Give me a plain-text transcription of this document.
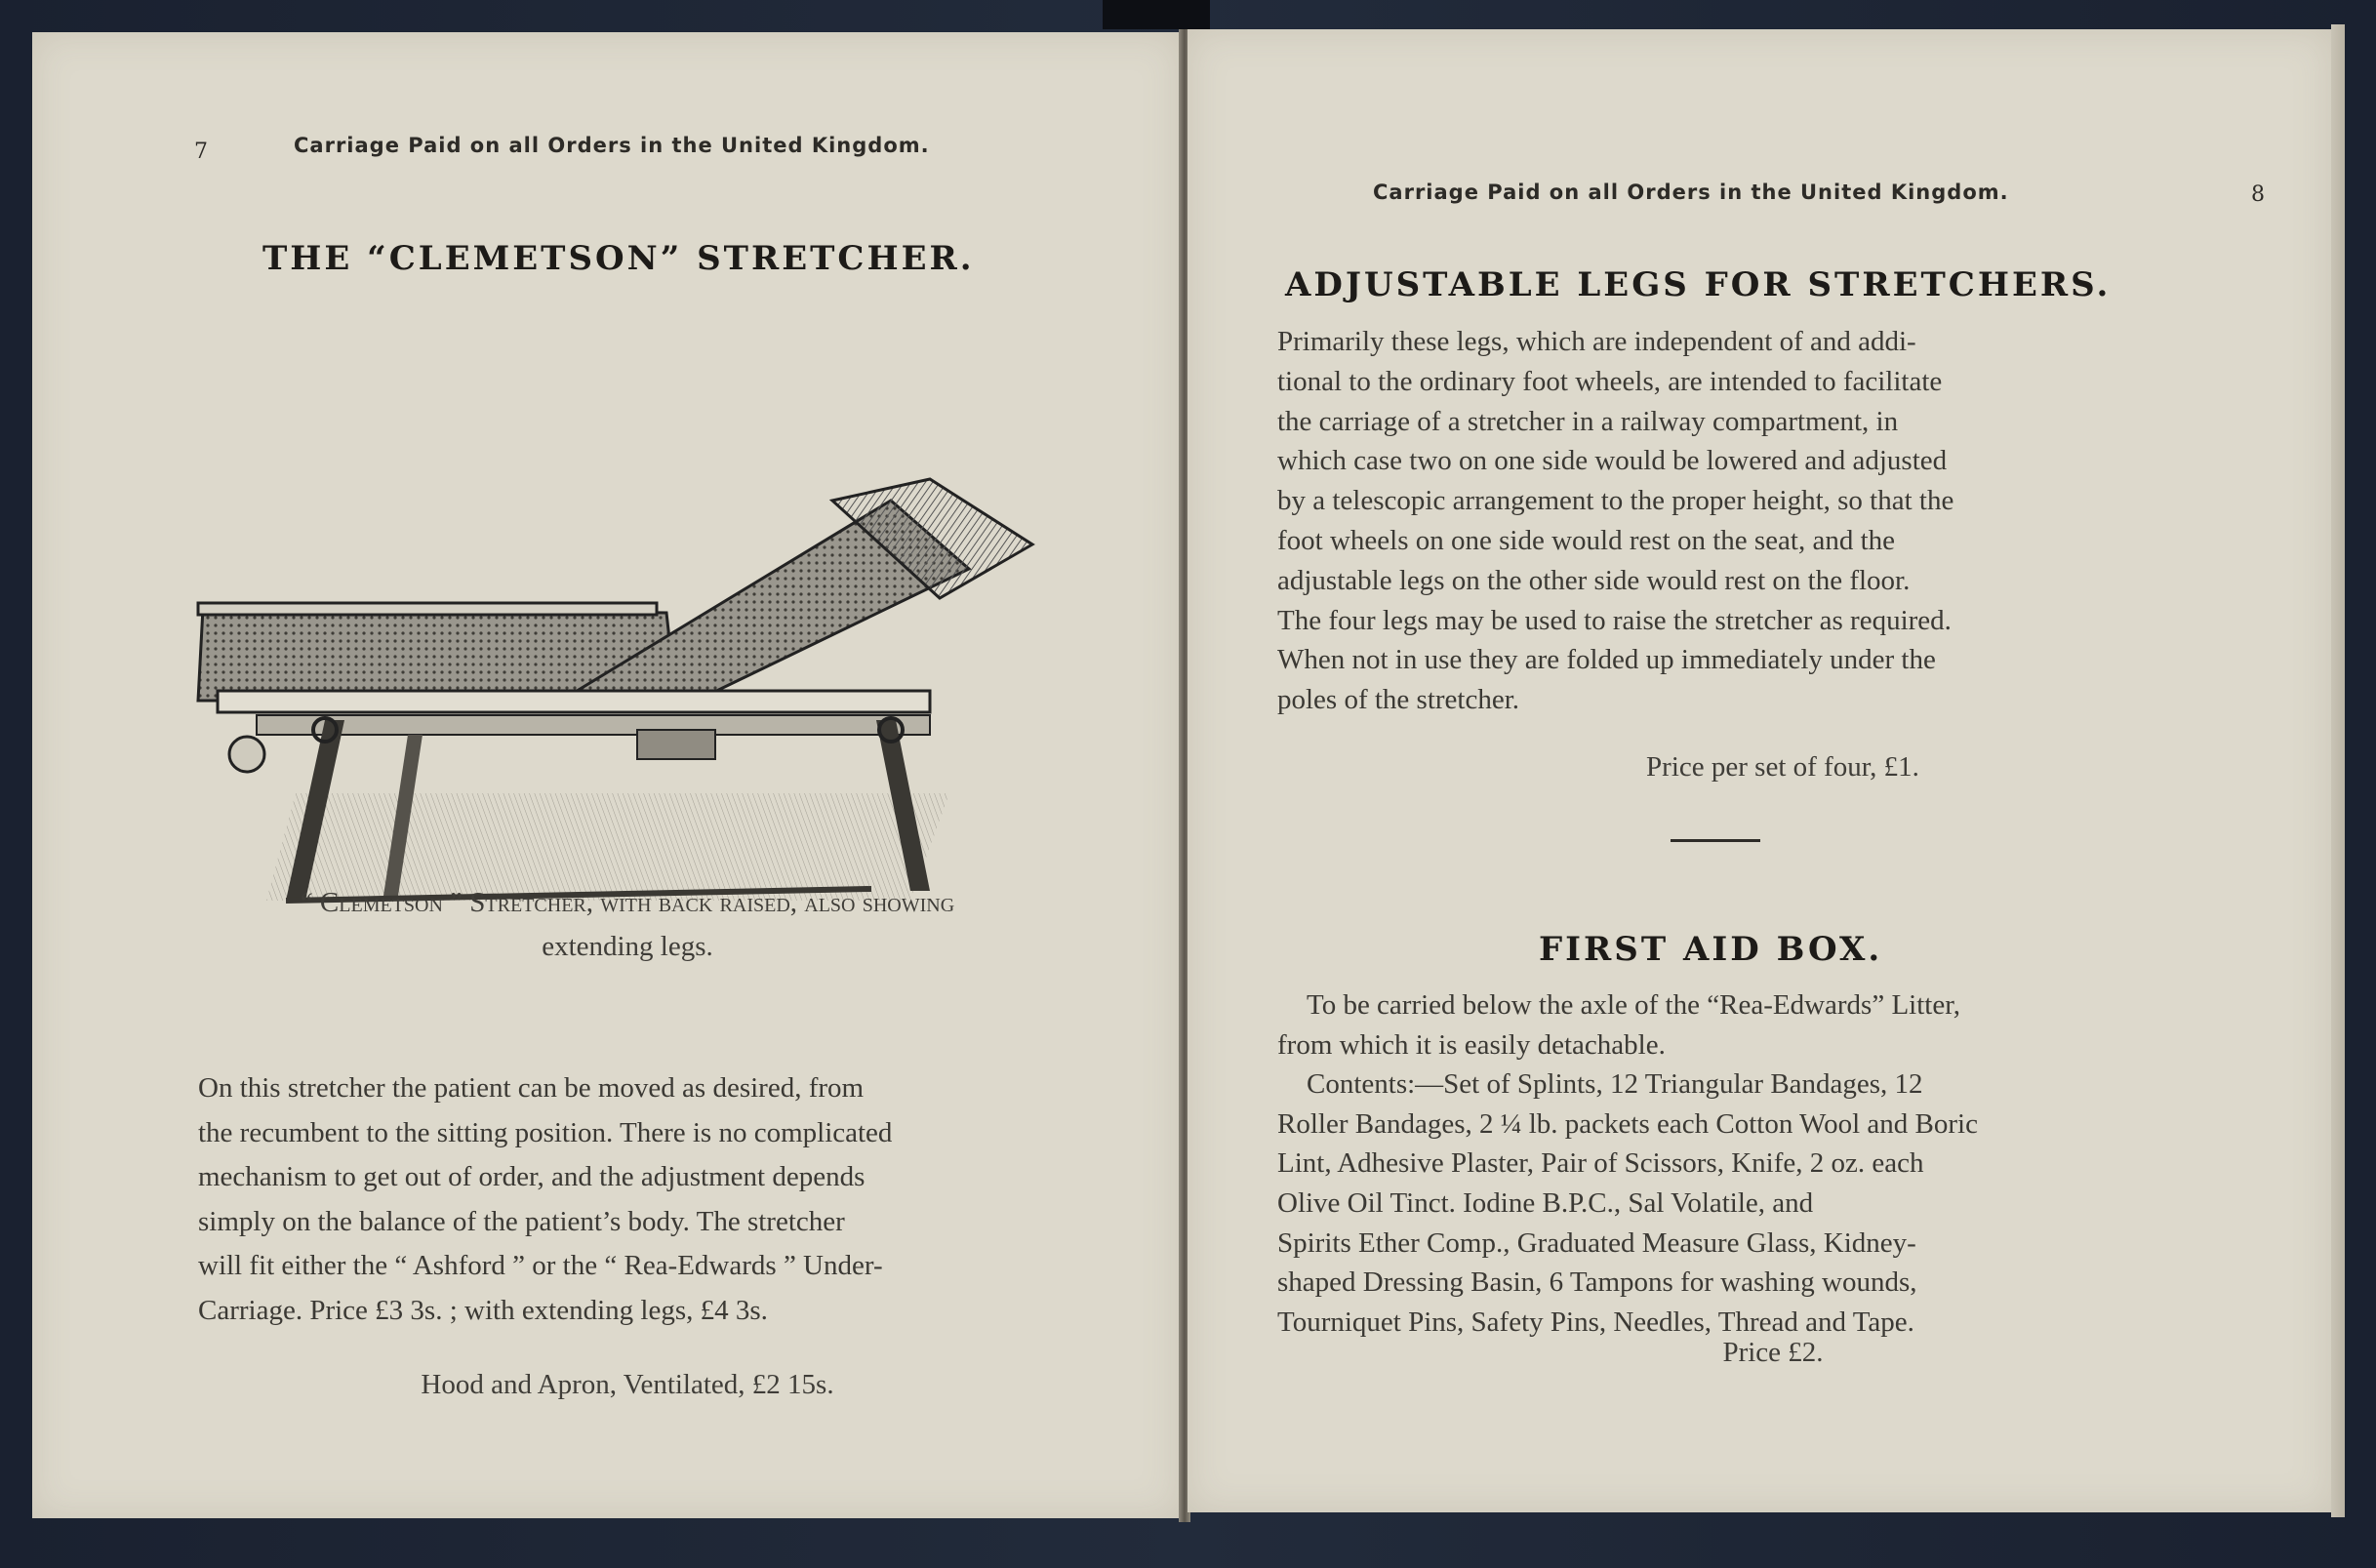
7	Carriage Paid on all Orders in the United Kingdom.
THE “CLEMETSON” STRETCHER.
“ Clemetson ” Stretcher, with back raised, also showing
extending legs.

On this stretcher the patient can be moved as desired, from

the recumbent to the sitting position. There is no complicated

mechanism to get out of order, and the adjustment depends

simply on the balance of the patient’s body. The stretcher

will fit either the “ Ashford ” or the “ Rea-Edwards ” Under-

Carriage. Price £3 3s. ; with extending legs, £4 3s.

Hood and Apron, Ventilated, £2 15s.
Carriage Paid on all Orders in the United Kingdom.	8
ADJUSTABLE LEGS FOR STRETCHERS.

Primarily these legs, which are independent of and addi-

tional to the ordinary foot wheels, are intended to facilitate

the carriage of a stretcher in a railway compartment, in

which case two on one side would be lowered and adjusted

by a telescopic arrangement to the proper height, so that the

foot wheels on one side would rest on the seat, and the

adjustable legs on the other side would rest on the floor.

The four legs may be used to raise the stretcher as required.

When not in use they are folded up immediately under the

poles of the stretcher.

Price per set of four, £1.
FIRST AID BOX.

To be carried below the axle of the “Rea-Edwards” Litter,

from which it is easily detachable.

Contents:—Set of Splints, 12 Triangular Bandages, 12

Roller Bandages, 2 ¼ lb. packets each Cotton Wool and Boric

Lint, Adhesive Plaster, Pair of Scissors, Knife, 2 oz. each

Olive Oil Tinct. Iodine B.P.C., Sal Volatile, and

Spirits Ether Comp., Graduated Measure Glass, Kidney-

shaped Dressing Basin, 6 Tampons for washing wounds,

Tourniquet Pins, Safety Pins, Needles, Thread and Tape.

Price £2.
